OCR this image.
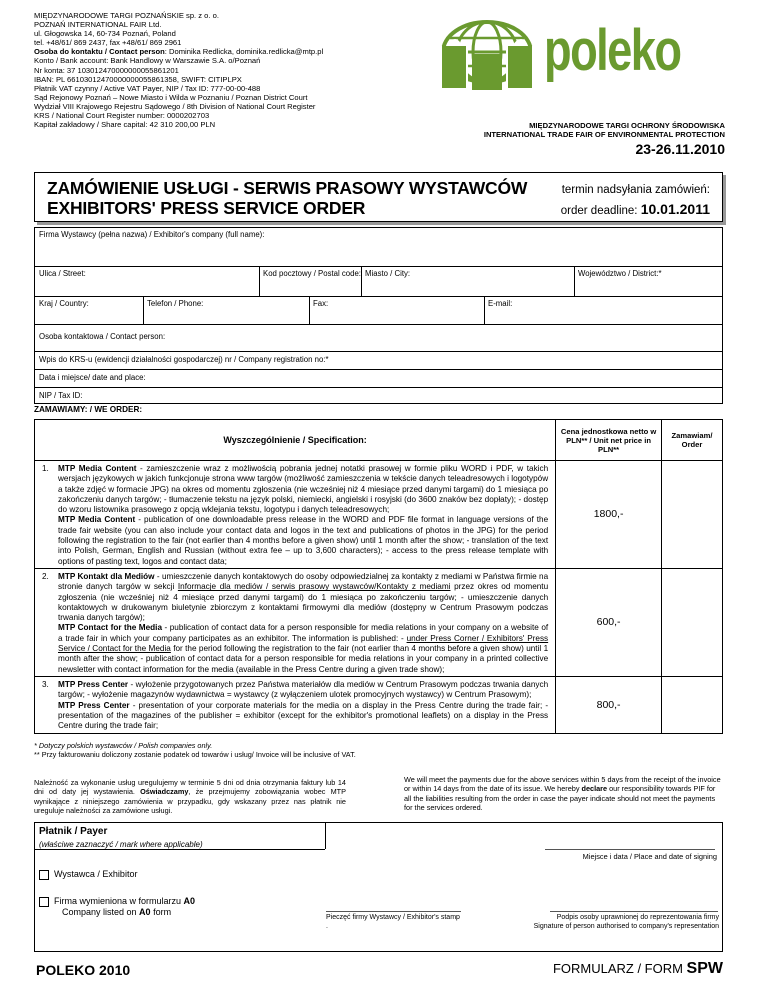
MIĘDZYNARODOWE TARGI POZNAŃSKIE sp. z o. o.
POZNAŃ INTERNATIONAL FAIR Ltd.
ul. Głogowska 14, 60-734 Poznań, Poland
tel. +48/61/ 869 2437, fax +48/61/ 869 2961
Osoba do kontaktu / Contact person: Dominika Redlicka, dominika.redlicka@mtp.pl
Konto / Bank account: Bank Handlowy w Warszawie S.A. o/Poznań
Nr konta: 37 103012470000000055861201
IBAN: PL 66103012470000000055861358, SWIFT: CITIPLPX
Płatnik VAT czynny / Active VAT Payer, NIP / Tax ID: 777-00-00-488
Sąd Rejonowy Poznań – Nowe Miasto i Wilda w Poznaniu / Poznan District Court
Wydział VIII Krajowego Rejestru Sądowego / 8th Division of National Court Register
KRS / National Court Register number: 0000202703
Kapitał zakładowy / Share capital: 42 310 200,00 PLN
poleko
MIĘDZYNARODOWE TARGI OCHRONY ŚRODOWISKA
INTERNATIONAL TRADE FAIR OF ENVIRONMENTAL PROTECTION
23-26.11.2010
ZAMÓWIENIE USŁUGI - SERWIS PRASOWY WYSTAWCÓW
EXHIBITORS' PRESS SERVICE ORDER
termin nadsyłania zamówień:
order deadline: 10.01.2011
Firma Wystawcy (pełna nazwa) / Exhibitor's company (full name):
Ulica / Street:	Kod pocztowy / Postal code: Miasto / City:	Województwo / District:*
Kraj / Country:	Telefon / Phone:	Fax:	E-mail:
Osoba kontaktowa / Contact person:
Wpis do KRS-u (ewidencji działalności gospodarczej) nr / Company registration no:*
Data i miejsce/ date and place:
NIP / Tax ID:
ZAMAWIAMY: / WE ORDER:
Wyszczególnienie / Specification:	Cena jednostkowa netto w PLN** / Unit net price in PLN**	Zamawiam/ Order

1. MTP Media Content - zamieszczenie wraz z możliwością pobrania jednej notatki prasowej w formie pliku WORD i PDF, w takich wersjach językowych w jakich funkcjonuje strona www targów (możliwość zamieszczenia w tekście danych teleadresowych i logotypów a także zdjęć w formacie JPG) na okres od momentu zgłoszenia (nie wcześniej niż 4 miesiące przed danymi targami) do 1 miesiąca po zakończeniu danych targów; - tłumaczenie tekstu na język polski, niemiecki, angielski i rosyjski (do 3600 znaków bez dopłaty); - dostęp do wzoru listownika prasowego z opcją wklejania tekstu, logotypu i danych teleadresowych;
MTP Media Content - publication of one downloadable press release in the WORD and PDF file format in language versions of the trade fair website (you can also include your contact data and logos in the text and publications of photos in the JPG) for the period following the registration to the fair (not earlier than 4 months before a given show) until 1 month after the show; - translation of the text into Polish, German, English and Russian (without extra fee – up to 3,600 characters); - access to the press release template with options of pasting text, logos and contact data;	1800,-	

2. MTP Kontakt dla Mediów - umieszczenie danych kontaktowych do osoby odpowiedzialnej za kontakty z mediami w Państwa firmie na stronie danych targów w sekcji Informacje dla mediów / serwis prasowy wystawców/Kontakty z mediami przez okres od momentu zgłoszenia (nie wcześniej niż 4 miesiące przed danymi targami) do 1 miesiąca po zakończeniu targów; - umieszczenie danych kontaktowych w drukowanym biuletynie zbiorczym z kontaktami firmowymi dla mediów (dostępny w Centrum Prasowym podczas trwania danych targów);
MTP Contact for the Media - publication of contact data for a person responsible for media relations in your company on a website of a trade fair in which your company participates as an exhibitor. The information is published: - under Press Corner / Exhibitors' Press Service / Contact for the Media for the period following the registration to the fair (not earlier than 4 months before a given show) until 1 month after the show; - publication of contact data for a person responsible for media relations in your company in a printed collective newsletter with contact information for the media (available in the Press Centre during a given trade show);	600,-	

3. MTP Press Center - wyłożenie przygotowanych przez Państwa materiałów dla mediów w Centrum Prasowym podczas trwania danych targów; - wyłożenie magazynów wydawnictwa = wystawcy (z wyłączeniem ulotek promocyjnych wystawcy) w Centrum Prasowym);
MTP Press Center - presentation of your corporate materials for the media on a display in the Press Centre during the trade fair; - presentation of the magazines of the publisher = exhibitor (except for the exhibitor's promotional leaflets) on a display in the Press Centre during the trade fair;	800,-	
* Dotyczy polskich wystawców / Polish companies only.
** Przy fakturowaniu doliczony zostanie podatek od towarów i usług/ Invoice will be inclusive of VAT.
Należność za wykonanie usług uregulujemy w terminie 5 dni od dnia otrzymania faktury lub 14 dni od daty jej wystawienia. Oświadczamy, że przejmujemy zobowiązania wobec MTP wynikające z niniejszego zamówienia w przypadku, gdy wskazany przez nas płatnik nie ureguluje należności za zamówione usługi.
We will meet the payments due for the above services within 5 days from the receipt of the invoice or within 14 days from the date of its issue. We hereby declare our responsibility towards PIF for all the liabilities resulting from the order in case the payer indicate should not meet the payments for the services ordered.
Płatnik / Payer
(właściwe zaznaczyć / mark where applicable)
Miejsce i data / Place and date of signing
Wystawca / Exhibitor
Firma wymieniona w formularzu A0
Company listed on A0 form
Pieczęć firmy Wystawcy / Exhibitor's stamp
.
Podpis osoby uprawnionej do reprezentowania firmy
Signature of person authorised to company's representation
POLEKO 2010	FORMULARZ / FORM SPW
